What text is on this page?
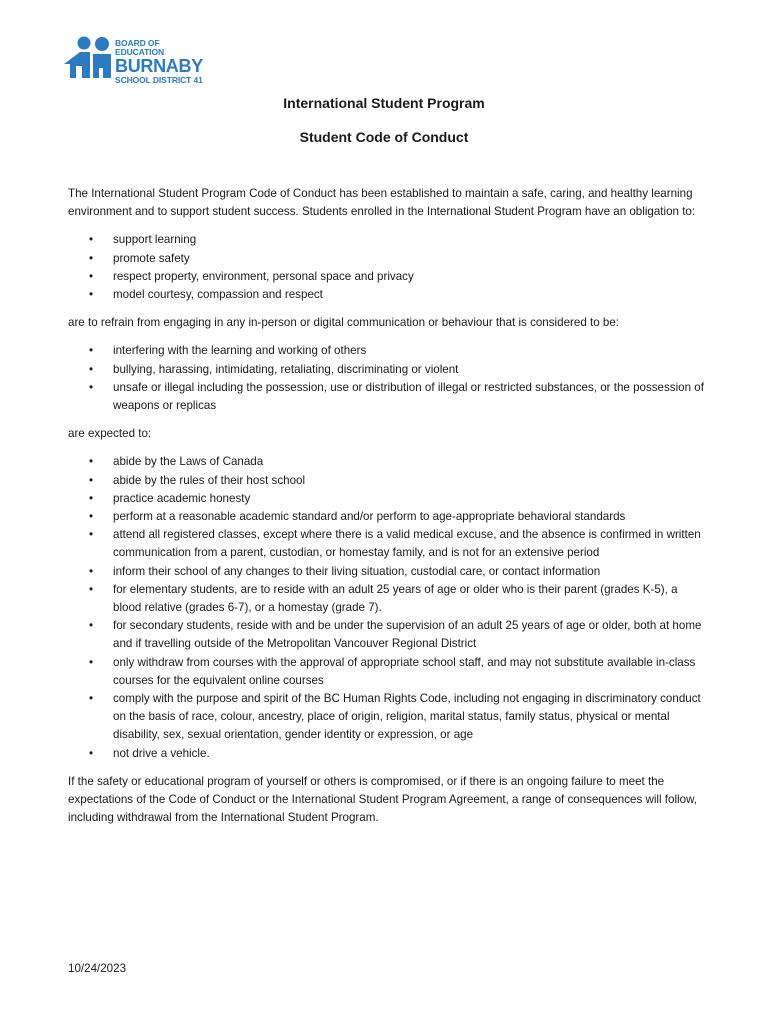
BOARD OF EDUCATION
BURNABY
SCHOOL DISTRICT 41
International Student Program
Student Code of Conduct

The International Student Program Code of Conduct has been established to maintain a safe, caring, and healthy learning environment and to support student success. Students enrolled in the International Student Program have an obligation to:

• support learning
• promote safety
• respect property, environment, personal space and privacy
• model courtesy, compassion and respect

are to refrain from engaging in any in-person or digital communication or behaviour that is considered to be:

• interfering with the learning and working of others
• bullying, harassing, intimidating, retaliating, discriminating or violent
• unsafe or illegal including the possession, use or distribution of illegal or restricted substances, or the possession of weapons or replicas

are expected to:

• abide by the Laws of Canada
• abide by the rules of their host school
• practice academic honesty
• perform at a reasonable academic standard and/or perform to age-appropriate behavioral standards
• attend all registered classes, except where there is a valid medical excuse, and the absence is confirmed in written communication from a parent, custodian, or homestay family, and is not for an extensive period
• inform their school of any changes to their living situation, custodial care, or contact information
• for elementary students, are to reside with an adult 25 years of age or older who is their parent (grades K-5), a blood relative (grades 6-7), or a homestay (grade 7).
• for secondary students, reside with and be under the supervision of an adult 25 years of age or older, both at home and if travelling outside of the Metropolitan Vancouver Regional District
• only withdraw from courses with the approval of appropriate school staff, and may not substitute available in-class courses for the equivalent online courses
• comply with the purpose and spirit of the BC Human Rights Code, including not engaging in discriminatory conduct on the basis of race, colour, ancestry, place of origin, religion, marital status, family status, physical or mental disability, sex, sexual orientation, gender identity or expression, or age
• not drive a vehicle.

If the safety or educational program of yourself or others is compromised, or if there is an ongoing failure to meet the expectations of the Code of Conduct or the International Student Program Agreement, a range of consequences will follow, including withdrawal from the International Student Program.

10/24/2023
